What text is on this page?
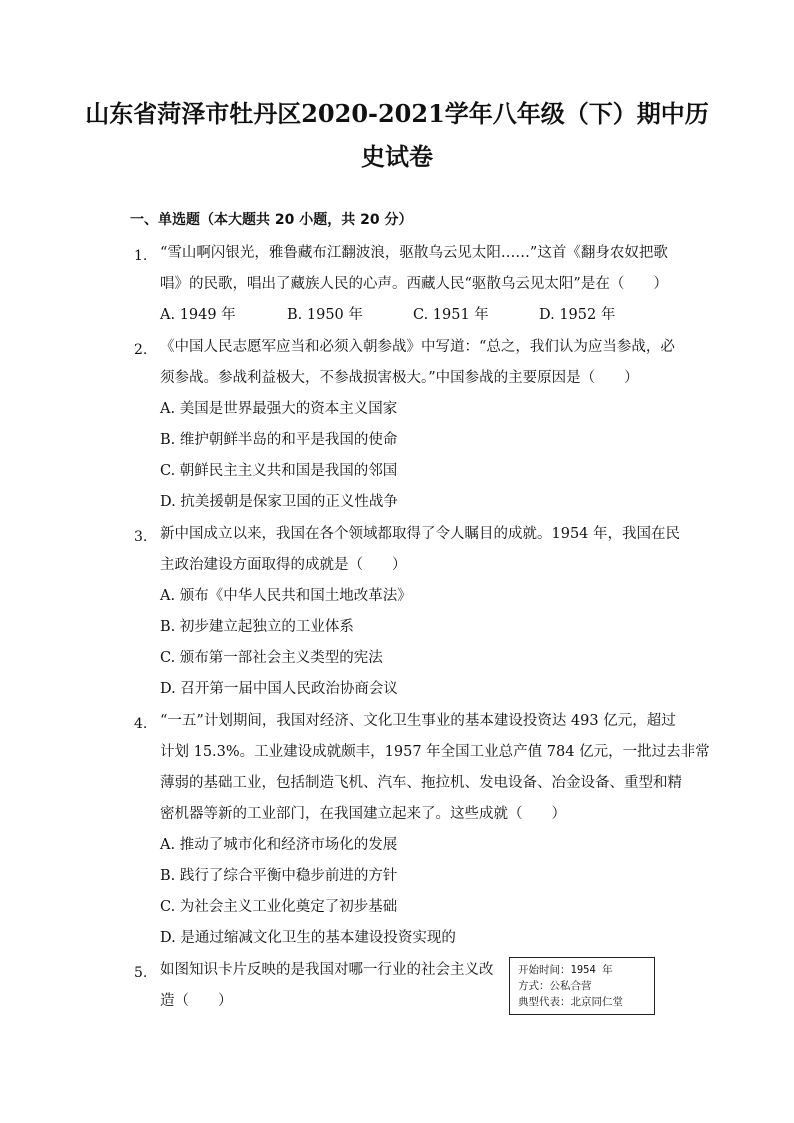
山东省菏泽市牡丹区2020-2021学年八年级（下）期中历
史试卷
一、单选题（本大题共 20 小题，共 20 分）
1. “雪山啊闪银光，雅鲁藏布江翻波浪，驱散乌云见太阳……”这首《翻身农奴把歌
唱》的民歌，唱出了藏族人民的心声。西藏人民“驱散乌云见太阳”是在（　　）
A. 1949 年	B. 1950 年	C. 1951 年	D. 1952 年
2. 《中国人民志愿军应当和必须入朝参战》中写道：“总之，我们认为应当参战，必
须参战。参战利益极大，不参战损害极大。”中国参战的主要原因是（　　）
A. 美国是世界最强大的资本主义国家
B. 维护朝鲜半岛的和平是我国的使命
C. 朝鲜民主主义共和国是我国的邻国
D. 抗美援朝是保家卫国的正义性战争
3. 新中国成立以来，我国在各个领域都取得了令人瞩目的成就。1954 年，我国在民
主政治建设方面取得的成就是（　　）
A. 颁布《中华人民共和国土地改革法》
B. 初步建立起独立的工业体系
C. 颁布第一部社会主义类型的宪法
D. 召开第一届中国人民政治协商会议
4. “一五”计划期间，我国对经济、文化卫生事业的基本建设投资达 493 亿元，超过
计划 15.3%。工业建设成就颇丰，1957 年全国工业总产值 784 亿元，一批过去非常
薄弱的基础工业，包括制造飞机、汽车、拖拉机、发电设备、冶金设备、重型和精
密机器等新的工业部门，在我国建立起来了。这些成就（　　）
A. 推动了城市化和经济市场化的发展
B. 践行了综合平衡中稳步前进的方针
C. 为社会主义工业化奠定了初步基础
D. 是通过缩减文化卫生的基本建设投资实现的
5. 如图知识卡片反映的是我国对哪一行业的社会主义改
造（　　）
开始时间：1954 年
方式：公私合营
典型代表：北京同仁堂
